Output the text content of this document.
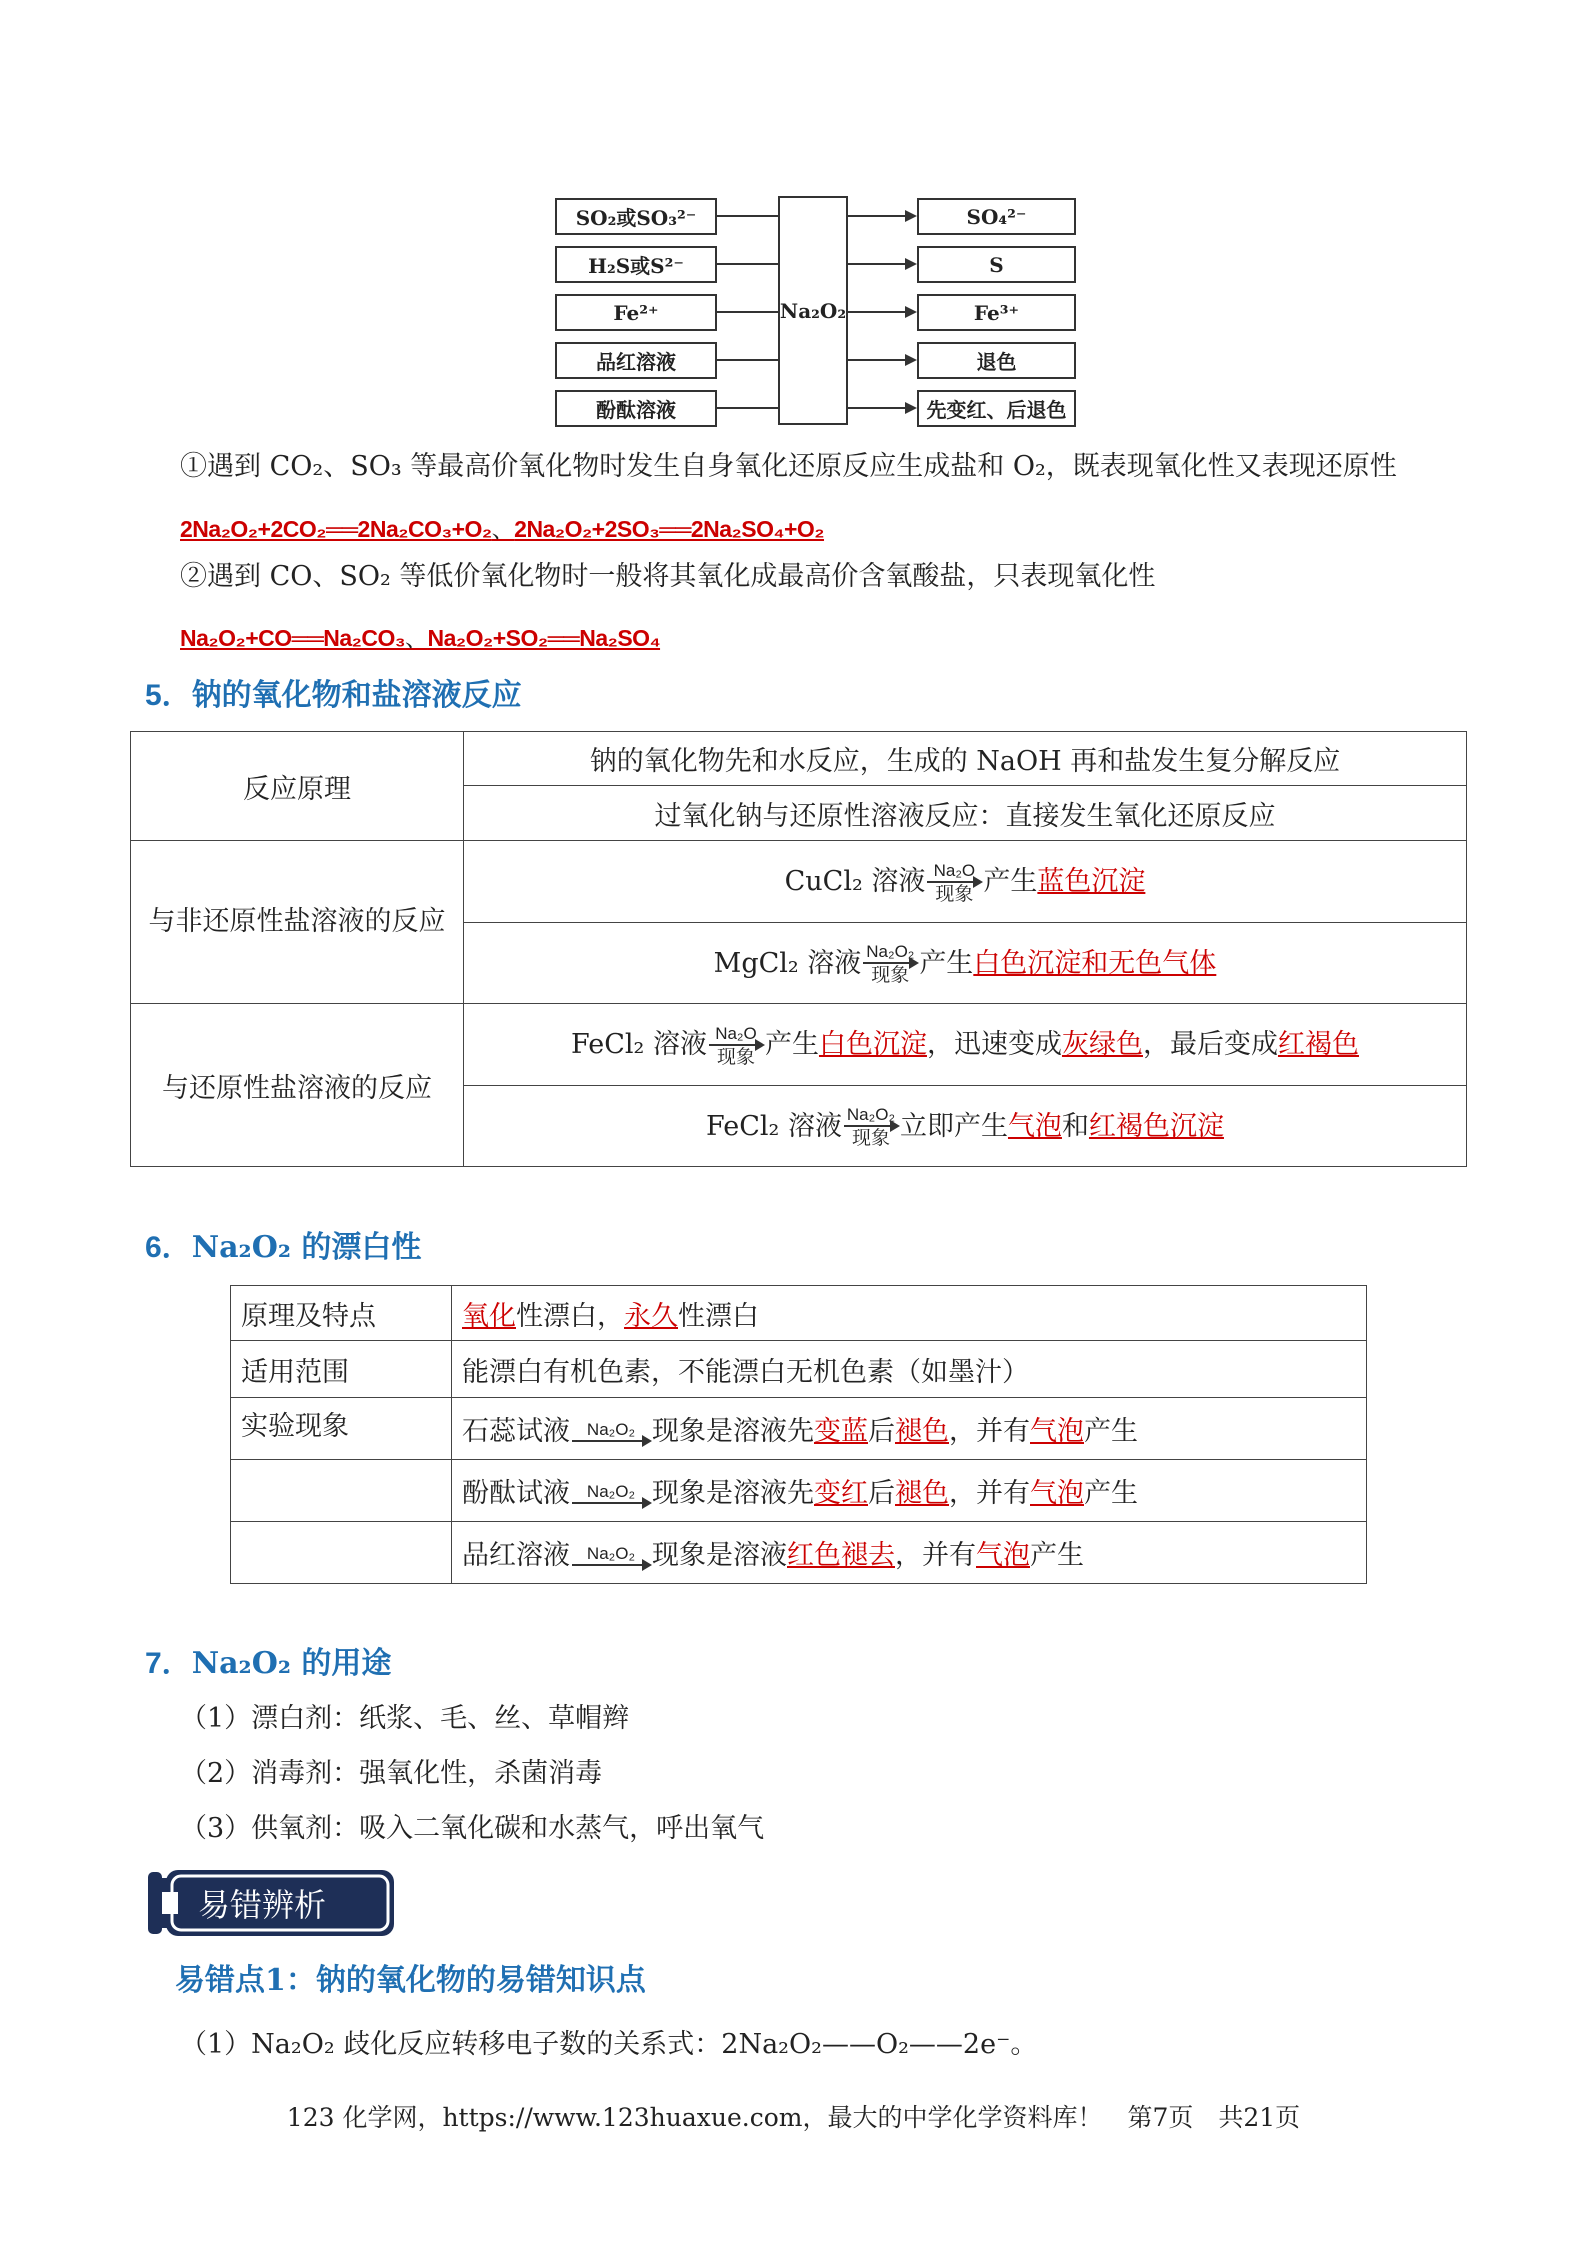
SO₂或SO₃²⁻
H₂S或S²⁻
Fe²⁺
品红溶液
酚酞溶液
Na₂O₂
SO₄²⁻
S
Fe³⁺
退色
先变红、后退色
①遇到 CO₂、SO₃ 等最高价氧化物时发生自身氧化还原反应生成盐和 O₂，既表现氧化性又表现还原性
2Na₂O₂+2CO₂══2Na₂CO₃+O₂、2Na₂O₂+2SO₃══2Na₂SO₄+O₂
②遇到 CO、SO₂ 等低价氧化物时一般将其氧化成最高价含氧酸盐，只表现氧化性
Na₂O₂+CO══Na₂CO₃、Na₂O₂+SO₂══Na₂SO₄
5．钠的氧化物和盐溶液反应
反应原理	钠的氧化物先和水反应，生成的 NaOH 再和盐发生复分解反应
	过氧化钠与还原性溶液反应：直接发生氧化还原反应
与非还原性盐溶液的反应	CuCl₂ 溶液 Na₂O
现象 产生蓝色沉淀
	MgCl₂ 溶液 Na₂O₂
现象 产生白色沉淀和无色气体
与还原性盐溶液的反应	FeCl₂ 溶液 Na₂O
现象 产生白色沉淀，迅速变成灰绿色，最后变成红褐色
	FeCl₂ 溶液 Na₂O₂
现象 立即产生气泡和红褐色沉淀
6．Na₂O₂ 的漂白性
原理及特点	氧化性漂白，永久性漂白
适用范围	能漂白有机色素，不能漂白无机色素（如墨汁）
实验现象	石蕊试液 Na₂O₂ 现象是溶液先变蓝后褪色，并有气泡产生
	酚酞试液 Na₂O₂ 现象是溶液先变红后褪色，并有气泡产生
	品红溶液 Na₂O₂ 现象是溶液红色褪去，并有气泡产生
7．Na₂O₂ 的用途
（1）漂白剂：纸浆、毛、丝、草帽辫
（2）消毒剂：强氧化性，杀菌消毒
（3）供氧剂：吸入二氧化碳和水蒸气，呼出氧气
易错辨析
易错点1：钠的氧化物的易错知识点
（1）Na₂O₂ 歧化反应转移电子数的关系式：2Na₂O₂——O₂——2e⁻。
123 化学网，https://www.123huaxue.com，最大的中学化学资料库！　第7页　共21页
